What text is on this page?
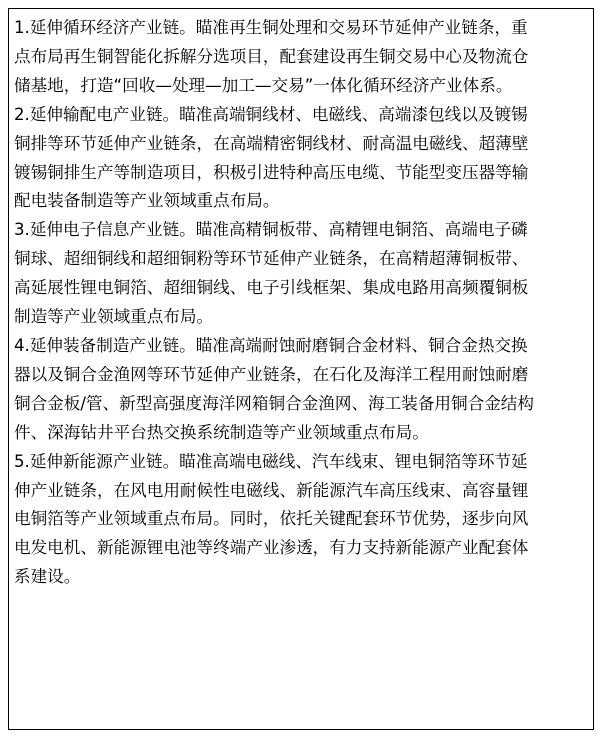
1.延伸循环经济产业链。瞄准再生铜处理和交易环节延伸产业链条，重
点布局再生铜智能化拆解分选项目，配套建设再生铜交易中心及物流仓
储基地，打造“回收—处理—加工—交易”一体化循环经济产业体系。
2.延伸输配电产业链。瞄准高端铜线材、电磁线、高端漆包线以及镀锡
铜排等环节延伸产业链条，在高端精密铜线材、耐高温电磁线、超薄壁
镀锡铜排生产等制造项目，积极引进特种高压电缆、节能型变压器等输
配电装备制造等产业领域重点布局。
3.延伸电子信息产业链。瞄准高精铜板带、高精锂电铜箔、高端电子磷
铜球、超细铜线和超细铜粉等环节延伸产业链条，在高精超薄铜板带、
高延展性锂电铜箔、超细铜线、电子引线框架、集成电路用高频覆铜板
制造等产业领域重点布局。
4.延伸装备制造产业链。瞄准高端耐蚀耐磨铜合金材料、铜合金热交换
器以及铜合金渔网等环节延伸产业链条，在石化及海洋工程用耐蚀耐磨
铜合金板/管、新型高强度海洋网箱铜合金渔网、海工装备用铜合金结构
件、深海钻井平台热交换系统制造等产业领域重点布局。
5.延伸新能源产业链。瞄准高端电磁线、汽车线束、锂电铜箔等环节延
伸产业链条，在风电用耐候性电磁线、新能源汽车高压线束、高容量锂
电铜箔等产业领域重点布局。同时，依托关键配套环节优势，逐步向风
电发电机、新能源锂电池等终端产业渗透，有力支持新能源产业配套体
系建设。
